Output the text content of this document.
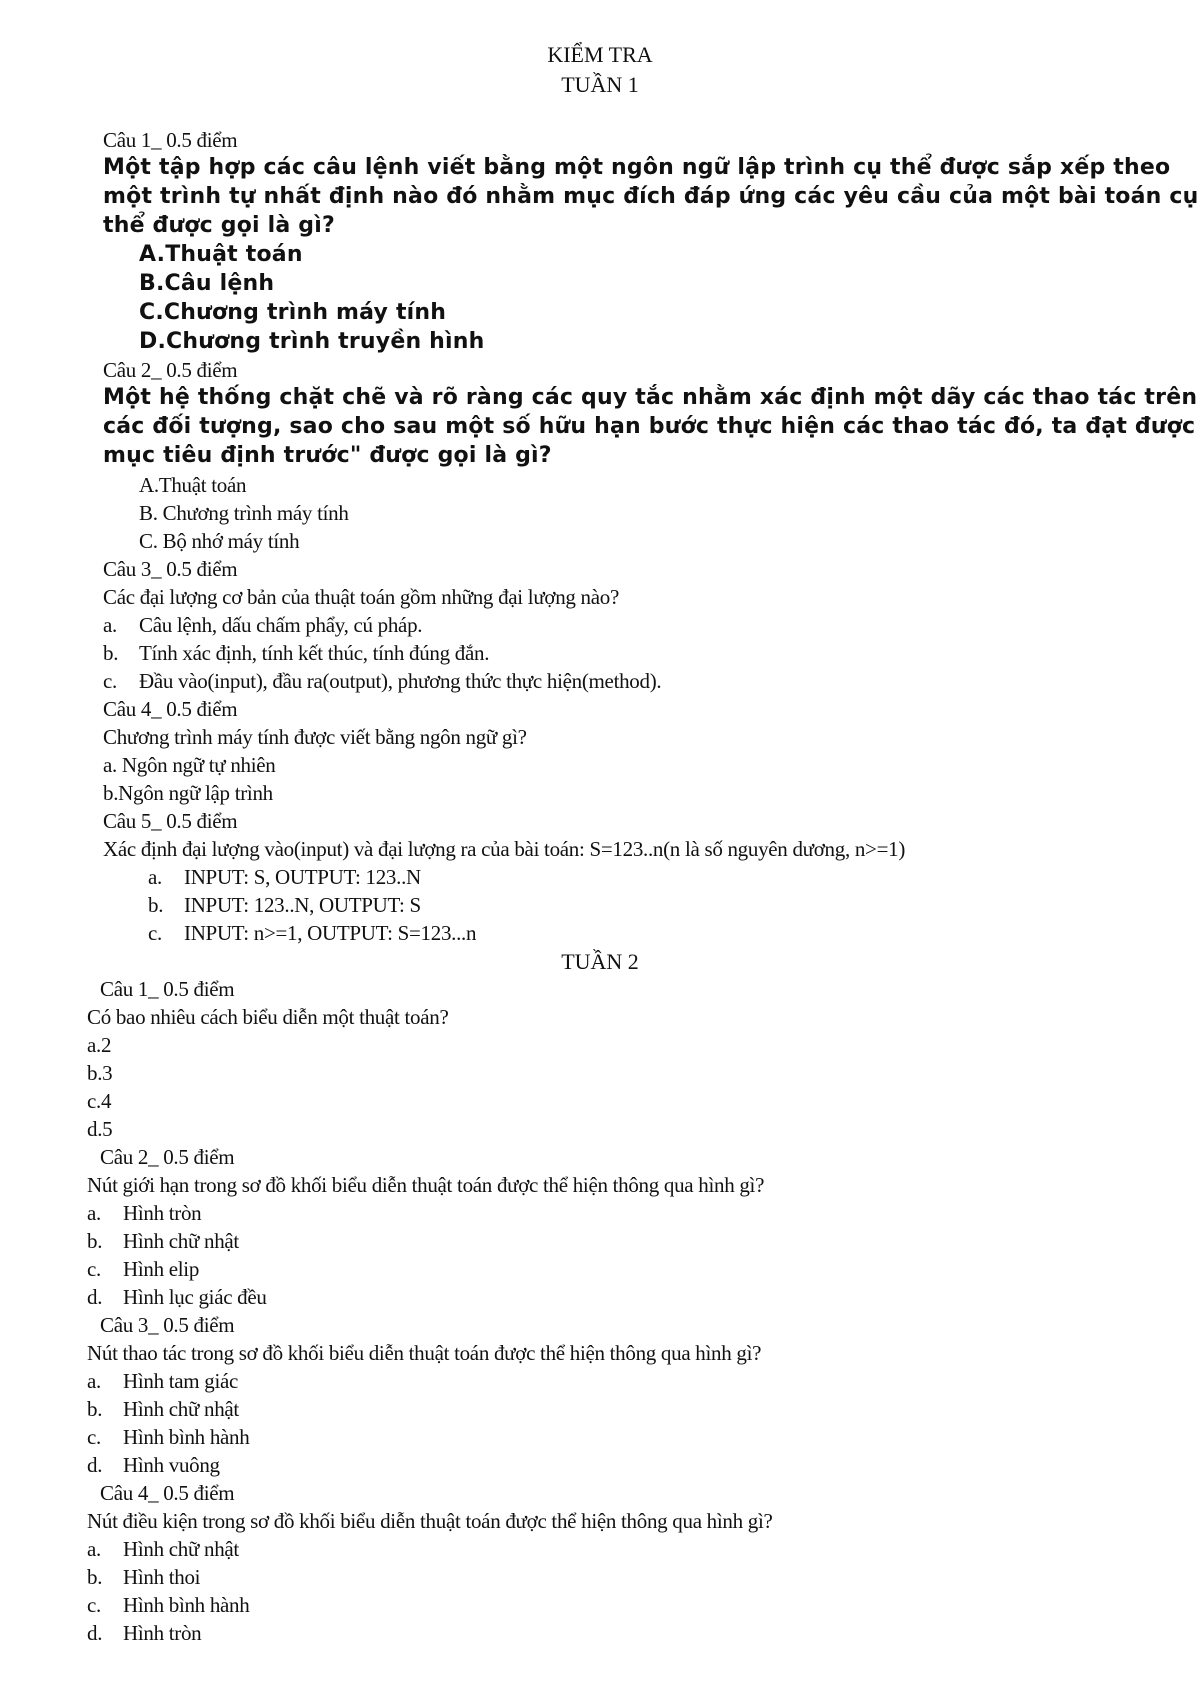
KIỂM TRA
TUẦN 1
Câu 1_ 0.5 điểm
Một tập hợp các câu lệnh viết bằng một ngôn ngữ lập trình cụ thể được sắp xếp theo
một trình tự nhất định nào đó nhằm mục đích đáp ứng các yêu cầu của một bài toán cụ
thể được gọi là gì?
A.Thuật toán
B.Câu lệnh
C.Chương trình máy tính
D.Chương trình truyền hình
Câu 2_ 0.5 điểm
Một hệ thống chặt chẽ và rõ ràng các quy tắc nhằm xác định một dãy các thao tác trên
các đối tượng, sao cho sau một số hữu hạn bước thực hiện các thao tác đó, ta đạt được
mục tiêu định trước" được gọi là gì?
A.Thuật toán
B. Chương trình máy tính
C. Bộ nhớ máy tính
Câu 3_ 0.5 điểm
Các đại lượng cơ bản của thuật toán gồm những đại lượng nào?
a. Câu lệnh, dấu chấm phẩy, cú pháp.
b. Tính xác định, tính kết thúc, tính đúng đắn.
c. Đầu vào(input), đầu ra(output), phương thức thực hiện(method).
Câu 4_ 0.5 điểm
Chương trình máy tính được viết bằng ngôn ngữ gì?
a. Ngôn ngữ tự nhiên
b.Ngôn ngữ lập trình
Câu 5_ 0.5 điểm
Xác định đại lượng vào(input) và đại lượng ra của bài toán: S=123..n(n là số nguyên dương, n>=1)
a. INPUT: S, OUTPUT: 123..N
b. INPUT: 123..N, OUTPUT: S
c. INPUT: n>=1, OUTPUT: S=123...n
TUẦN 2
Câu 1_ 0.5 điểm
Có bao nhiêu cách biểu diễn một thuật toán?
a.2
b.3
c.4
d.5
Câu 2_ 0.5 điểm
Nút giới hạn trong sơ đồ khối biểu diễn thuật toán được thể hiện thông qua hình gì?
a. Hình tròn
b. Hình chữ nhật
c. Hình elip
d. Hình lục giác đều
Câu 3_ 0.5 điểm
Nút thao tác trong sơ đồ khối biểu diễn thuật toán được thể hiện thông qua hình gì?
a. Hình tam giác
b. Hình chữ nhật
c. Hình bình hành
d. Hình vuông
Câu 4_ 0.5 điểm
Nút điều kiện trong sơ đồ khối biểu diễn thuật toán được thể hiện thông qua hình gì?
a. Hình chữ nhật
b. Hình thoi
c. Hình bình hành
d. Hình tròn
